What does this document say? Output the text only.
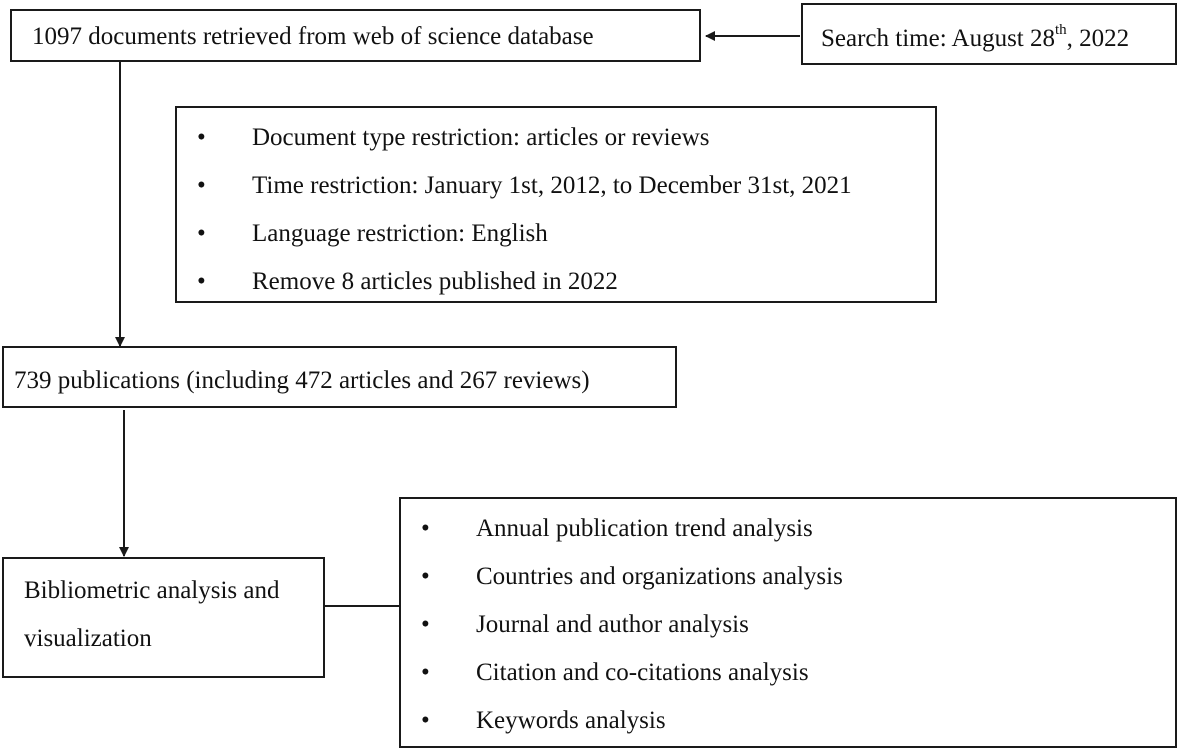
1097 documents retrieved from web of science database	Search time: August 28th, 2022
• Document type restriction: articles or reviews
• Time restriction: January 1st, 2012, to December 31st, 2021
• Language restriction: English
• Remove 8 articles published in 2022
739 publications (including 472 articles and 267 reviews)
Bibliometric analysis and
visualization
• Annual publication trend analysis
• Countries and organizations analysis
• Journal and author analysis
• Citation and co-citations analysis
• Keywords analysis
